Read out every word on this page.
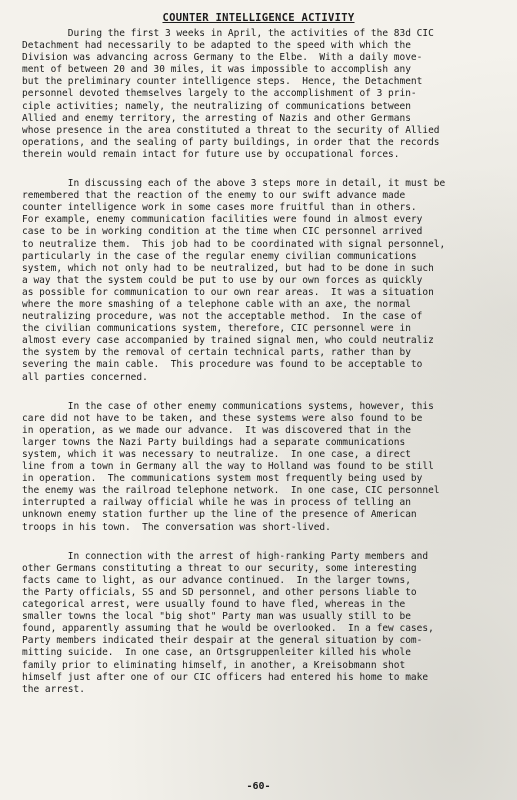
COUNTER INTELLIGENCE ACTIVITY
During the first 3 weeks in April, the activities of the 83d CIC
Detachment had necessarily to be adapted to the speed with which the
Division was advancing across Germany to the Elbe.  With a daily move-
ment of between 20 and 30 miles, it was impossible to accomplish any
but the preliminary counter intelligence steps.  Hence, the Detachment
personnel devoted themselves largely to the accomplishment of 3 prin-
ciple activities; namely, the neutralizing of communications between
Allied and enemy territory, the arresting of Nazis and other Germans
whose presence in the area constituted a threat to the security of Allied
operations, and the sealing of party buildings, in order that the records
therein would remain intact for future use by occupational forces.
In discussing each of the above 3 steps more in detail, it must be
remembered that the reaction of the enemy to our swift advance made
counter intelligence work in some cases more fruitful than in others.
For example, enemy communication facilities were found in almost every
case to be in working condition at the time when CIC personnel arrived
to neutralize them.  This job had to be coordinated with signal personnel,
particularly in the case of the regular enemy civilian communications
system, which not only had to be neutralized, but had to be done in such
a way that the system could be put to use by our own forces as quickly
as possible for communication to our own rear areas.  It was a situation
where the more smashing of a telephone cable with an axe, the normal
neutralizing procedure, was not the acceptable method.  In the case of
the civilian communications system, therefore, CIC personnel were in
almost every case accompanied by trained signal men, who could neutraliz
the system by the removal of certain technical parts, rather than by
severing the main cable.  This procedure was found to be acceptable to
all parties concerned.
In the case of other enemy communications systems, however, this
care did not have to be taken, and these systems were also found to be
in operation, as we made our advance.  It was discovered that in the
larger towns the Nazi Party buildings had a separate communications
system, which it was necessary to neutralize.  In one case, a direct
line from a town in Germany all the way to Holland was found to be still
in operation.  The communications system most frequently being used by
the enemy was the railroad telephone network.  In one case, CIC personnel
interrupted a railway official while he was in process of telling an
unknown enemy station further up the line of the presence of American
troops in his town.  The conversation was short-lived.
In connection with the arrest of high-ranking Party members and
other Germans constituting a threat to our security, some interesting
facts came to light, as our advance continued.  In the larger towns,
the Party officials, SS and SD personnel, and other persons liable to
categorical arrest, were usually found to have fled, whereas in the
smaller towns the local "big shot" Party man was usually still to be
found, apparently assuming that he would be overlooked.  In a few cases,
Party members indicated their despair at the general situation by com-
mitting suicide.  In one case, an Ortsgruppenleiter killed his whole
family prior to eliminating himself, in another, a Kreisobmann shot
himself just after one of our CIC officers had entered his home to make
the arrest.
-60-
